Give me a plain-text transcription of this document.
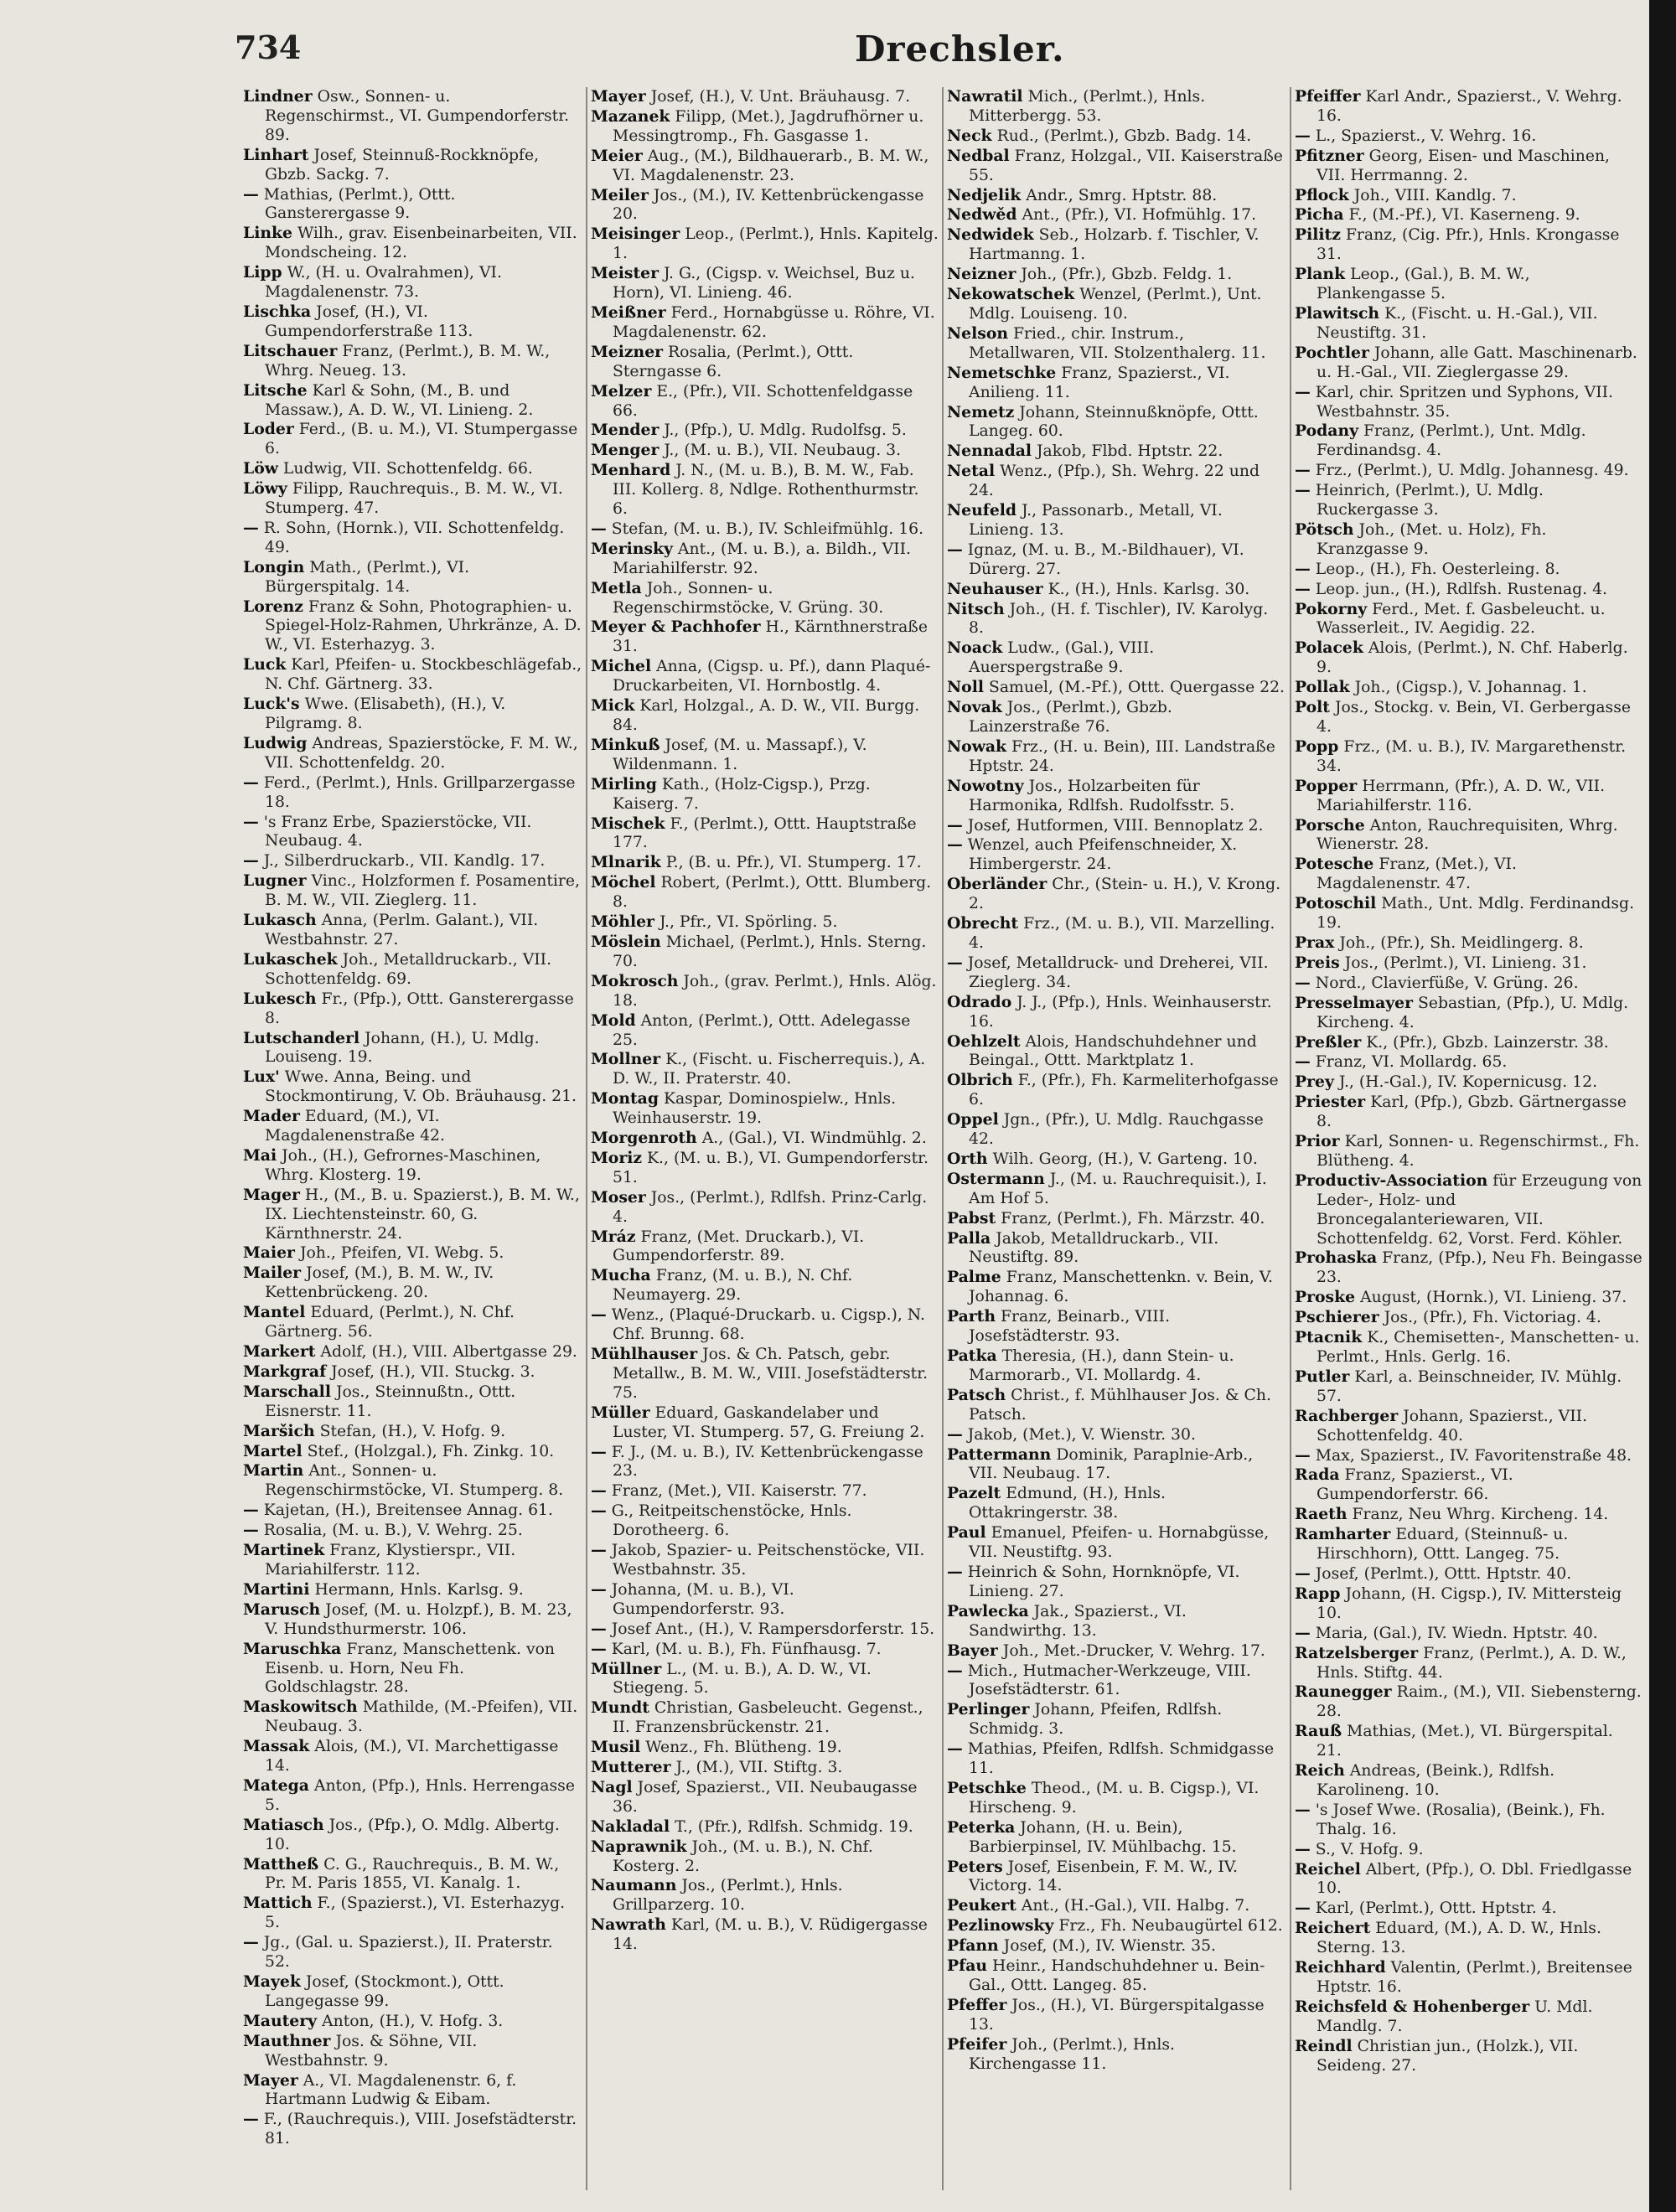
734	Drechsler.

Lindner Osw., Sonnen- u. Regenschirmst., VI. Gumpendorferstr. 89.

Linhart Josef, Steinnuß-Rockknöpfe, Gbzb. Sackg. 7.

— Mathias, (Perlmt.), Ottt. Gansterergasse 9.

Linke Wilh., grav. Eisenbeinarbeiten, VII. Mondscheing. 12.

Lipp W., (H. u. Ovalrahmen), VI. Magdalenenstr. 73.

Lischka Josef, (H.), VI. Gumpendorferstraße 113.

Litschauer Franz, (Perlmt.), B. M. W., Whrg. Neueg. 13.

Litsche Karl & Sohn, (M., B. und Massaw.), A. D. W., VI. Linieng. 2.

Loder Ferd., (B. u. M.), VI. Stumpergasse 6.

Löw Ludwig, VII. Schottenfeldg. 66.

Löwy Filipp, Rauchrequis., B. M. W., VI. Stumperg. 47.

— R. Sohn, (Hornk.), VII. Schottenfeldg. 49.

Longin Math., (Perlmt.), VI. Bürgerspitalg. 14.

Lorenz Franz & Sohn, Photographien- u. Spiegel-Holz-Rahmen, Uhrkränze, A. D. W., VI. Esterhazyg. 3.

Luck Karl, Pfeifen- u. Stockbeschlägefab., N. Chf. Gärtnerg. 33.

Luck's Wwe. (Elisabeth), (H.), V. Pilgramg. 8.

Ludwig Andreas, Spazierstöcke, F. M. W., VII. Schottenfeldg. 20.

— Ferd., (Perlmt.), Hnls. Grillparzergasse 18.

— 's Franz Erbe, Spazierstöcke, VII. Neubaug. 4.

— J., Silberdruckarb., VII. Kandlg. 17.

Lugner Vinc., Holzformen f. Posamentire, B. M. W., VII. Zieglerg. 11.

Lukasch Anna, (Perlm. Galant.), VII. Westbahnstr. 27.

Lukaschek Joh., Metalldruckarb., VII. Schottenfeldg. 69.

Lukesch Fr., (Pfp.), Ottt. Gansterergasse 8.

Lutschanderl Johann, (H.), U. Mdlg. Louiseng. 19.

Lux' Wwe. Anna, Being. und Stockmontirung, V. Ob. Bräuhausg. 21.

Mader Eduard, (M.), VI. Magdalenenstraße 42.

Mai Joh., (H.), Gefrornes-Maschinen, Whrg. Klosterg. 19.

Mager H., (M., B. u. Spazierst.), B. M. W., IX. Liechtensteinstr. 60, G. Kärnthnerstr. 24.

Maier Joh., Pfeifen, VI. Webg. 5.

Mailer Josef, (M.), B. M. W., IV. Kettenbrückeng. 20.

Mantel Eduard, (Perlmt.), N. Chf. Gärtnerg. 56.

Markert Adolf, (H.), VIII. Albertgasse 29.

Markgraf Josef, (H.), VII. Stuckg. 3.

Marschall Jos., Steinnußtn., Ottt. Eisnerstr. 11.

Maršich Stefan, (H.), V. Hofg. 9.

Martel Stef., (Holzgal.), Fh. Zinkg. 10.

Martin Ant., Sonnen- u. Regenschirmstöcke, VI. Stumperg. 8.

— Kajetan, (H.), Breitensee Annag. 61.

— Rosalia, (M. u. B.), V. Wehrg. 25.

Martinek Franz, Klystierspr., VII. Mariahilferstr. 112.

Martini Hermann, Hnls. Karlsg. 9.

Marusch Josef, (M. u. Holzpf.), B. M. 23, V. Hundsthurmerstr. 106.

Maruschka Franz, Manschettenk. von Eisenb. u. Horn, Neu Fh. Goldschlagstr. 28.

Maskowitsch Mathilde, (M.-Pfeifen), VII. Neubaug. 3.

Massak Alois, (M.), VI. Marchettigasse 14.

Matega Anton, (Pfp.), Hnls. Herrengasse 5.

Matiasch Jos., (Pfp.), O. Mdlg. Albertg. 10.

Mattheß C. G., Rauchrequis., B. M. W., Pr. M. Paris 1855, VI. Kanalg. 1.

Mattich F., (Spazierst.), VI. Esterhazyg. 5.

— Jg., (Gal. u. Spazierst.), II. Praterstr. 52.

Mayek Josef, (Stockmont.), Ottt. Langegasse 99.

Mautery Anton, (H.), V. Hofg. 3.

Mauthner Jos. & Söhne, VII. Westbahnstr. 9.

Mayer A., VI. Magdalenenstr. 6, f. Hartmann Ludwig & Eibam.

— F., (Rauchrequis.), VIII. Josefstädterstr. 81.

Mayer Josef, (H.), V. Unt. Bräuhausg. 7.

Mazanek Filipp, (Met.), Jagdrufhörner u. Messingtromp., Fh. Gasgasse 1.

Meier Aug., (M.), Bildhauerarb., B. M. W., VI. Magdalenenstr. 23.

Meiler Jos., (M.), IV. Kettenbrückengasse 20.

Meisinger Leop., (Perlmt.), Hnls. Kapitelg. 1.

Meister J. G., (Cigsp. v. Weichsel, Buz u. Horn), VI. Linieng. 46.

Meißner Ferd., Hornabgüsse u. Röhre, VI. Magdalenenstr. 62.

Meizner Rosalia, (Perlmt.), Ottt. Sterngasse 6.

Melzer E., (Pfr.), VII. Schottenfeldgasse 66.

Mender J., (Pfp.), U. Mdlg. Rudolfsg. 5.

Menger J., (M. u. B.), VII. Neubaug. 3.

Menhard J. N., (M. u. B.), B. M. W., Fab. III. Kollerg. 8, Ndlge. Rothenthurmstr. 6.

— Stefan, (M. u. B.), IV. Schleifmühlg. 16.

Merinsky Ant., (M. u. B.), a. Bildh., VII. Mariahilferstr. 92.

Metla Joh., Sonnen- u. Regenschirmstöcke, V. Grüng. 30.

Meyer & Pachhofer H., Kärnthnerstraße 31.

Michel Anna, (Cigsp. u. Pf.), dann Plaqué-Druckarbeiten, VI. Hornbostlg. 4.

Mick Karl, Holzgal., A. D. W., VII. Burgg. 84.

Minkuß Josef, (M. u. Massapf.), V. Wildenmann. 1.

Mirling Kath., (Holz-Cigsp.), Przg. Kaiserg. 7.

Mischek F., (Perlmt.), Ottt. Hauptstraße 177.

Mlnarik P., (B. u. Pfr.), VI. Stumperg. 17.

Möchel Robert, (Perlmt.), Ottt. Blumberg. 8.

Möhler J., Pfr., VI. Spörling. 5.

Möslein Michael, (Perlmt.), Hnls. Sterng. 70.

Mokrosch Joh., (grav. Perlmt.), Hnls. Alög. 18.

Mold Anton, (Perlmt.), Ottt. Adelegasse 25.

Mollner K., (Fischt. u. Fischerrequis.), A. D. W., II. Praterstr. 40.

Montag Kaspar, Dominospielw., Hnls. Weinhauserstr. 19.

Morgenroth A., (Gal.), VI. Windmühlg. 2.

Moriz K., (M. u. B.), VI. Gumpendorferstr. 51.

Moser Jos., (Perlmt.), Rdlfsh. Prinz-Carlg. 4.

Mráz Franz, (Met. Druckarb.), VI. Gumpendorferstr. 89.

Mucha Franz, (M. u. B.), N. Chf. Neumayerg. 29.

— Wenz., (Plaqué-Druckarb. u. Cigsp.), N. Chf. Brunng. 68.

Mühlhauser Jos. & Ch. Patsch, gebr. Metallw., B. M. W., VIII. Josefstädterstr. 75.

Müller Eduard, Gaskandelaber und Luster, VI. Stumperg. 57, G. Freiung 2.

— F. J., (M. u. B.), IV. Kettenbrückengasse 23.

— Franz, (Met.), VII. Kaiserstr. 77.

— G., Reitpeitschenstöcke, Hnls. Dorotheerg. 6.

— Jakob, Spazier- u. Peitschenstöcke, VII. Westbahnstr. 35.

— Johanna, (M. u. B.), VI. Gumpendorferstr. 93.

— Josef Ant., (H.), V. Rampersdorferstr. 15.

— Karl, (M. u. B.), Fh. Fünfhausg. 7.

Müllner L., (M. u. B.), A. D. W., VI. Stiegeng. 5.

Mundt Christian, Gasbeleucht. Gegenst., II. Franzensbrückenstr. 21.

Musil Wenz., Fh. Blütheng. 19.

Mutterer J., (M.), VII. Stiftg. 3.

Nagl Josef, Spazierst., VII. Neubaugasse 36.

Nakladal T., (Pfr.), Rdlfsh. Schmidg. 19.

Naprawnik Joh., (M. u. B.), N. Chf. Kosterg. 2.

Naumann Jos., (Perlmt.), Hnls. Grillparzerg. 10.

Nawrath Karl, (M. u. B.), V. Rüdigergasse 14.

Nawratil Mich., (Perlmt.), Hnls. Mitterbergg. 53.

Neck Rud., (Perlmt.), Gbzb. Badg. 14.

Nedbal Franz, Holzgal., VII. Kaiserstraße 55.

Nedjelik Andr., Smrg. Hptstr. 88.

Nedwěd Ant., (Pfr.), VI. Hofmühlg. 17.

Nedwidek Seb., Holzarb. f. Tischler, V. Hartmanng. 1.

Neizner Joh., (Pfr.), Gbzb. Feldg. 1.

Nekowatschek Wenzel, (Perlmt.), Unt. Mdlg. Louiseng. 10.

Nelson Fried., chir. Instrum., Metallwaren, VII. Stolzenthalerg. 11.

Nemetschke Franz, Spazierst., VI. Anilieng. 11.

Nemetz Johann, Steinnußknöpfe, Ottt. Langeg. 60.

Nennadal Jakob, Flbd. Hptstr. 22.

Netal Wenz., (Pfp.), Sh. Wehrg. 22 und 24.

Neufeld J., Passonarb., Metall, VI. Linieng. 13.

— Ignaz, (M. u. B., M.-Bildhauer), VI. Dürerg. 27.

Neuhauser K., (H.), Hnls. Karlsg. 30.

Nitsch Joh., (H. f. Tischler), IV. Karolyg. 8.

Noack Ludw., (Gal.), VIII. Auerspergstraße 9.

Noll Samuel, (M.-Pf.), Ottt. Quergasse 22.

Novak Jos., (Perlmt.), Gbzb. Lainzerstraße 76.

Nowak Frz., (H. u. Bein), III. Landstraße Hptstr. 24.

Nowotny Jos., Holzarbeiten für Harmonika, Rdlfsh. Rudolfsstr. 5.

— Josef, Hutformen, VIII. Bennoplatz 2.

— Wenzel, auch Pfeifenschneider, X. Himbergerstr. 24.

Oberländer Chr., (Stein- u. H.), V. Krong. 2.

Obrecht Frz., (M. u. B.), VII. Marzelling. 4.

— Josef, Metalldruck- und Dreherei, VII. Zieglerg. 34.

Odrado J. J., (Pfp.), Hnls. Weinhauserstr. 16.

Oehlzelt Alois, Handschuhdehner und Beingal., Ottt. Marktplatz 1.

Olbrich F., (Pfr.), Fh. Karmeliterhofgasse 6.

Oppel Jgn., (Pfr.), U. Mdlg. Rauchgasse 42.

Orth Wilh. Georg, (H.), V. Garteng. 10.

Ostermann J., (M. u. Rauchrequisit.), I. Am Hof 5.

Pabst Franz, (Perlmt.), Fh. Märzstr. 40.

Palla Jakob, Metalldruckarb., VII. Neustiftg. 89.

Palme Franz, Manschettenkn. v. Bein, V. Johannag. 6.

Parth Franz, Beinarb., VIII. Josefstädterstr. 93.

Patka Theresia, (H.), dann Stein- u. Marmorarb., VI. Mollardg. 4.

Patsch Christ., f. Mühlhauser Jos. & Ch. Patsch.

— Jakob, (Met.), V. Wienstr. 30.

Pattermann Dominik, Paraplnie-Arb., VII. Neubaug. 17.

Pazelt Edmund, (H.), Hnls. Ottakringerstr. 38.

Paul Emanuel, Pfeifen- u. Hornabgüsse, VII. Neustiftg. 93.

— Heinrich & Sohn, Hornknöpfe, VI. Linieng. 27.

Pawlecka Jak., Spazierst., VI. Sandwirthg. 13.

Bayer Joh., Met.-Drucker, V. Wehrg. 17.

— Mich., Hutmacher-Werkzeuge, VIII. Josefstädterstr. 61.

Perlinger Johann, Pfeifen, Rdlfsh. Schmidg. 3.

— Mathias, Pfeifen, Rdlfsh. Schmidgasse 11.

Petschke Theod., (M. u. B. Cigsp.), VI. Hirscheng. 9.

Peterka Johann, (H. u. Bein), Barbierpinsel, IV. Mühlbachg. 15.

Peters Josef, Eisenbein, F. M. W., IV. Victorg. 14.

Peukert Ant., (H.-Gal.), VII. Halbg. 7.

Pezlinowsky Frz., Fh. Neubaugürtel 612.

Pfann Josef, (M.), IV. Wienstr. 35.

Pfau Heinr., Handschuhdehner u. Bein-Gal., Ottt. Langeg. 85.

Pfeffer Jos., (H.), VI. Bürgerspitalgasse 13.

Pfeifer Joh., (Perlmt.), Hnls. Kirchengasse 11.

Pfeiffer Karl Andr., Spazierst., V. Wehrg. 16.

— L., Spazierst., V. Wehrg. 16.

Pfitzner Georg, Eisen- und Maschinen, VII. Herrmanng. 2.

Pflock Joh., VIII. Kandlg. 7.

Picha F., (M.-Pf.), VI. Kaserneng. 9.

Pilitz Franz, (Cig. Pfr.), Hnls. Krongasse 31.

Plank Leop., (Gal.), B. M. W., Plankengasse 5.

Plawitsch K., (Fischt. u. H.-Gal.), VII. Neustiftg. 31.

Pochtler Johann, alle Gatt. Maschinenarb. u. H.-Gal., VII. Zieglergasse 29.

— Karl, chir. Spritzen und Syphons, VII. Westbahnstr. 35.

Podany Franz, (Perlmt.), Unt. Mdlg. Ferdinandsg. 4.

— Frz., (Perlmt.), U. Mdlg. Johannesg. 49.

— Heinrich, (Perlmt.), U. Mdlg. Ruckergasse 3.

Pötsch Joh., (Met. u. Holz), Fh. Kranzgasse 9.

— Leop., (H.), Fh. Oesterleing. 8.

— Leop. jun., (H.), Rdlfsh. Rustenag. 4.

Pokorny Ferd., Met. f. Gasbeleucht. u. Wasserleit., IV. Aegidig. 22.

Polacek Alois, (Perlmt.), N. Chf. Haberlg. 9.

Pollak Joh., (Cigsp.), V. Johannag. 1.

Polt Jos., Stockg. v. Bein, VI. Gerbergasse 4.

Popp Frz., (M. u. B.), IV. Margarethenstr. 34.

Popper Herrmann, (Pfr.), A. D. W., VII. Mariahilferstr. 116.

Porsche Anton, Rauchrequisiten, Whrg. Wienerstr. 28.

Potesche Franz, (Met.), VI. Magdalenenstr. 47.

Potoschil Math., Unt. Mdlg. Ferdinandsg. 19.

Prax Joh., (Pfr.), Sh. Meidlingerg. 8.

Preis Jos., (Perlmt.), VI. Linieng. 31.

— Nord., Clavierfüße, V. Grüng. 26.

Presselmayer Sebastian, (Pfp.), U. Mdlg. Kircheng. 4.

Preßler K., (Pfr.), Gbzb. Lainzerstr. 38.

— Franz, VI. Mollardg. 65.

Prey J., (H.-Gal.), IV. Kopernicusg. 12.

Priester Karl, (Pfp.), Gbzb. Gärtnergasse 8.

Prior Karl, Sonnen- u. Regenschirmst., Fh. Blütheng. 4.

Productiv-Association für Erzeugung von Leder-, Holz- und Broncegalanteriewaren, VII. Schottenfeldg. 62, Vorst. Ferd. Köhler.

Prohaska Franz, (Pfp.), Neu Fh. Beingasse 23.

Proske August, (Hornk.), VI. Linieng. 37.

Pschierer Jos., (Pfr.), Fh. Victoriag. 4.

Ptacnik K., Chemisetten-, Manschetten- u. Perlmt., Hnls. Gerlg. 16.

Putler Karl, a. Beinschneider, IV. Mühlg. 57.

Rachberger Johann, Spazierst., VII. Schottenfeldg. 40.

— Max, Spazierst., IV. Favoritenstraße 48.

Rada Franz, Spazierst., VI. Gumpendorferstr. 66.

Raeth Franz, Neu Whrg. Kircheng. 14.

Ramharter Eduard, (Steinnuß- u. Hirschhorn), Ottt. Langeg. 75.

— Josef, (Perlmt.), Ottt. Hptstr. 40.

Rapp Johann, (H. Cigsp.), IV. Mittersteig 10.

— Maria, (Gal.), IV. Wiedn. Hptstr. 40.

Ratzelsberger Franz, (Perlmt.), A. D. W., Hnls. Stiftg. 44.

Raunegger Raim., (M.), VII. Siebensterng. 28.

Rauß Mathias, (Met.), VI. Bürgerspital. 21.

Reich Andreas, (Beink.), Rdlfsh. Karolineng. 10.

— 's Josef Wwe. (Rosalia), (Beink.), Fh. Thalg. 16.

— S., V. Hofg. 9.

Reichel Albert, (Pfp.), O. Dbl. Friedlgasse 10.

— Karl, (Perlmt.), Ottt. Hptstr. 4.

Reichert Eduard, (M.), A. D. W., Hnls. Sterng. 13.

Reichhard Valentin, (Perlmt.), Breitensee Hptstr. 16.

Reichsfeld & Hohenberger U. Mdl. Mandlg. 7.

Reindl Christian jun., (Holzk.), VII. Seideng. 27.
